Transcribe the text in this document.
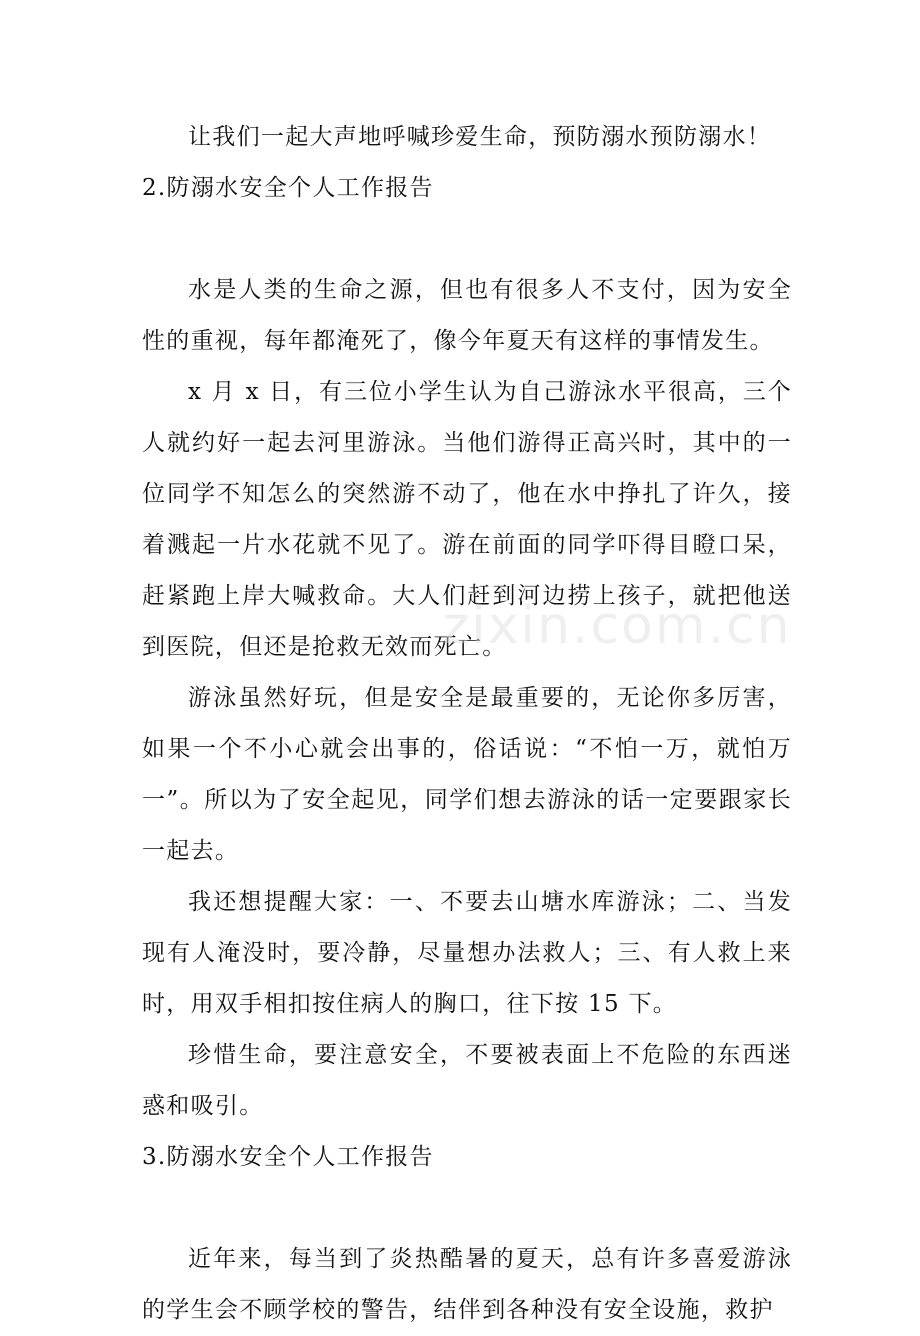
让我们一起大声地呼喊珍爱生命，预防溺水预防溺水！

2.防溺水安全个人工作报告

水是人类的生命之源，但也有很多人不支付，因为安全性的重视，每年都淹死了，像今年夏天有这样的事情发生。

x 月 x 日，有三位小学生认为自己游泳水平很高，三个人就约好一起去河里游泳。当他们游得正高兴时，其中的一位同学不知怎么的突然游不动了，他在水中挣扎了许久，接着溅起一片水花就不见了。游在前面的同学吓得目瞪口呆，赶紧跑上岸大喊救命。大人们赶到河边捞上孩子，就把他送到医院，但还是抢救无效而死亡。

游泳虽然好玩，但是安全是最重要的，无论你多厉害，如果一个不小心就会出事的，俗话说：“不怕一万，就怕万一”。所以为了安全起见，同学们想去游泳的话一定要跟家长一起去。

我还想提醒大家：一、不要去山塘水库游泳；二、当发现有人淹没时，要冷静，尽量想办法救人；三、有人救上来时，用双手相扣按住病人的胸口，往下按 15 下。

珍惜生命，要注意安全，不要被表面上不危险的东西迷惑和吸引。

3.防溺水安全个人工作报告

近年来，每当到了炎热酷暑的夏天，总有许多喜爱游泳的学生会不顾学校的警告，结伴到各种没有安全设施，救护

zixin.com.cn
